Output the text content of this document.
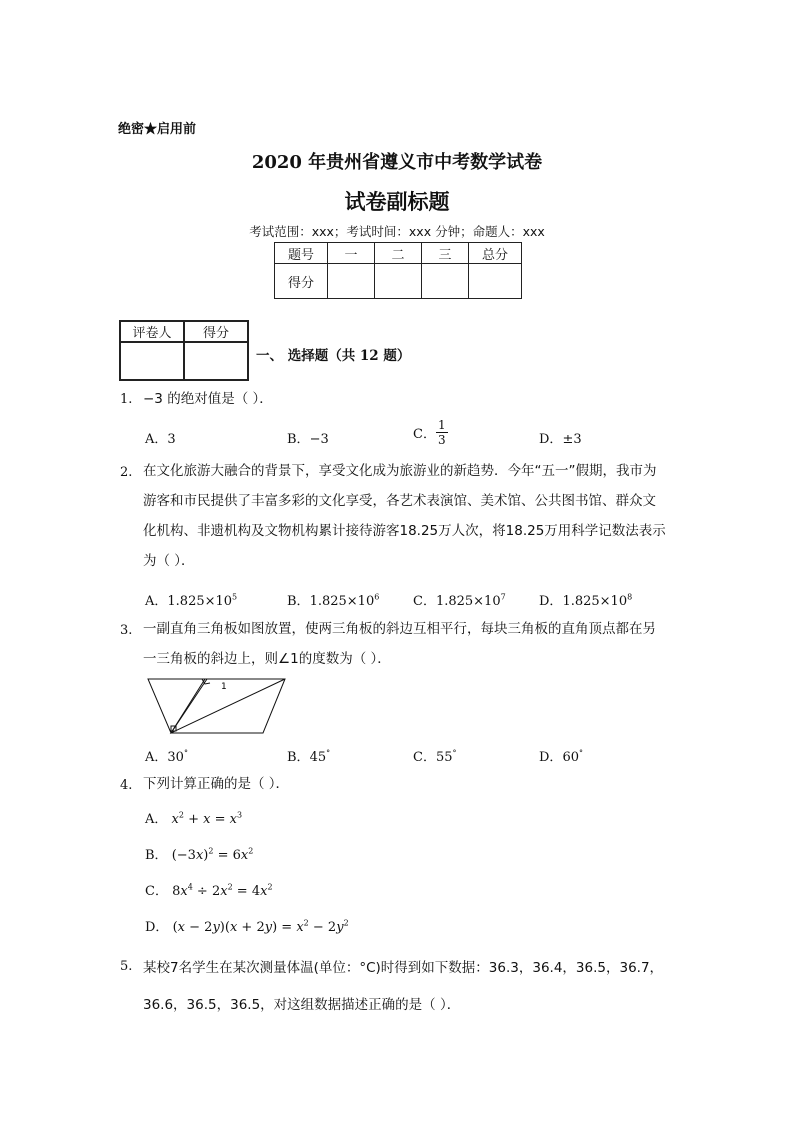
绝密★启用前
2020 年贵州省遵义市中考数学试卷
试卷副标题
考试范围：xxx；考试时间：xxx 分钟；命题人：xxx
题号	一	二	三	总分
得分				
评卷人	得分

一、 选择题（共 12 题）
1. −3 的绝对值是（ ）．
A．3	B．−3	C． $\frac{1}{3}$	D．±3
2. 在文化旅游大融合的背景下，享受文化成为旅游业的新趋势．今年“五一”假期，我市为
游客和市民提供了丰富多彩的文化享受，各艺术表演馆、美术馆、公共图书馆、群众文
化机构、非遗机构及文物机构累计接待游客18.25万人次，将18.25万用科学记数法表示
为（ ）．
A．$1.825\times 10^5$	B．$1.825\times 10^6$	C．$1.825\times 10^7$	D．$1.825\times 10^8$
3. 一副直角三角板如图放置，使两三角板的斜边互相平行，每块三角板的直角顶点都在另
一三角板的斜边上，则∠1的度数为（ ）．
1
A．30°	B．45°	C．55°	D．60°
4. 下列计算正确的是（ ）．
A． $x^2 + x = x^3$
B． $(-3x)^2 = 6x^2$
C． $8x^4 \div 2x^2 = 4x^2$
D． $(x - 2y)(x + 2y) = x^2 - 2y^2$
5. 某校7名学生在某次测量体温(单位：°C)时得到如下数据：36.3，36.4，36.5，36.7，
36.6，36.5，36.5，对这组数据描述正确的是（ ）．
